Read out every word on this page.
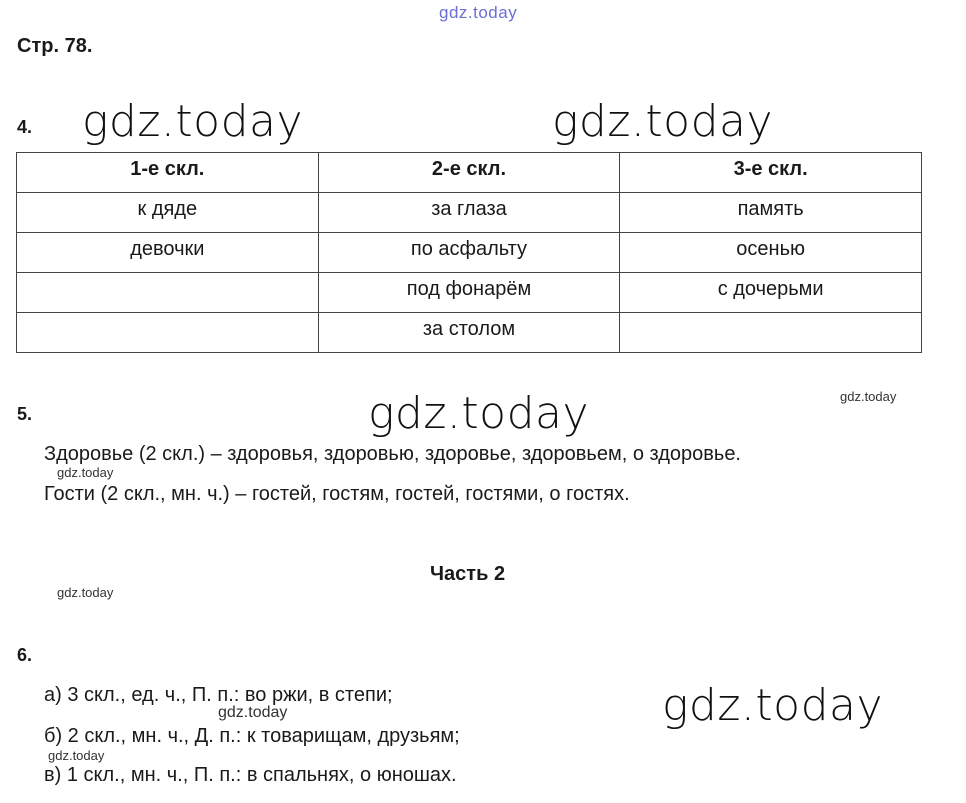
gdz.today
Стр. 78.
4. gdz.today	gdz.today
1-е скл.	2-е скл.	3-е скл.
к дяде	за глаза	память
девочки	по асфальту	осенью
	под фонарём	с дочерьми
	за столом	
gdz.today
5.	gdz.today
Здоровье (2 скл.) – здоровья, здоровью, здоровье, здоровьем, о здоровье.
gdz.today
Гости (2 скл., мн. ч.) – гостей, гостям, гостей, гостями, о гостях.
Часть 2
gdz.today
6.
gdz.today
а) 3 скл., ед. ч., П. п.: во ржи, в степи;
gdz.today
б) 2 скл., мн. ч., Д. п.: к товарищам, друзьям;
gdz.today
в) 1 скл., мн. ч., П. п.: в спальнях, о юношах.
